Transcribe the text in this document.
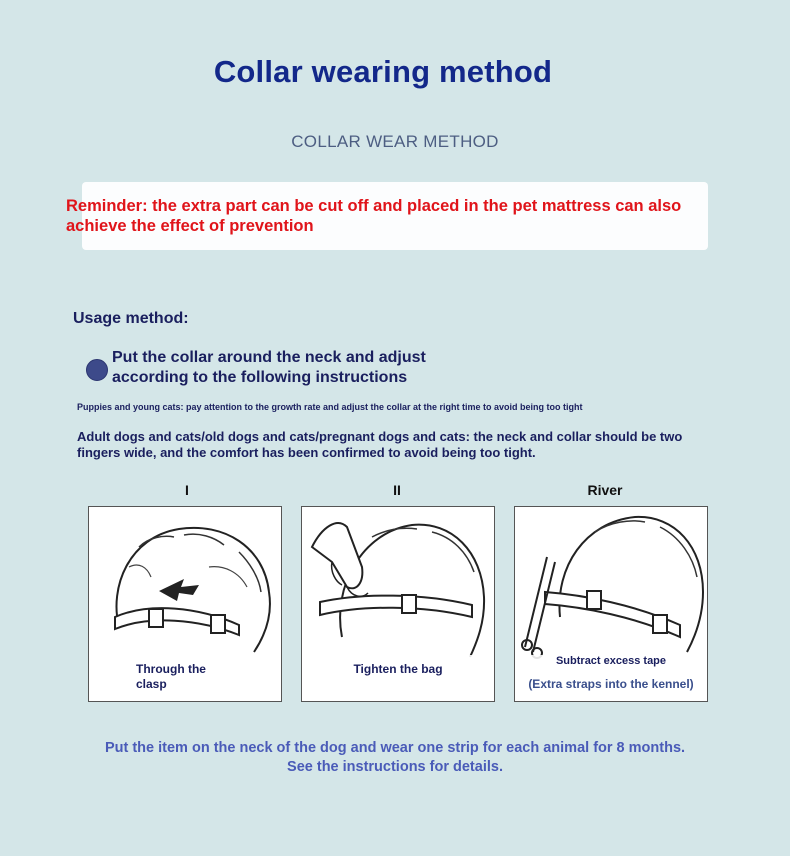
Collar wearing method
COLLAR WEAR METHOD
Reminder: the extra part can be cut off and placed in the pet mattress can also achieve the effect of prevention
Usage method:
Put the collar around the neck and adjust according to the following instructions
Puppies and young cats: pay attention to the growth rate and adjust the collar at the right time to avoid being too tight
Adult dogs and cats/old dogs and cats/pregnant dogs and cats: the neck and collar should be two fingers wide, and the comfort has been confirmed to avoid being too tight.
I
Through the clasp
II
Tighten the bag
River
Subtract excess tape
(Extra straps into the kennel)
Put the item on the neck of the dog and wear one strip for each animal for 8 months. See the instructions for details.
